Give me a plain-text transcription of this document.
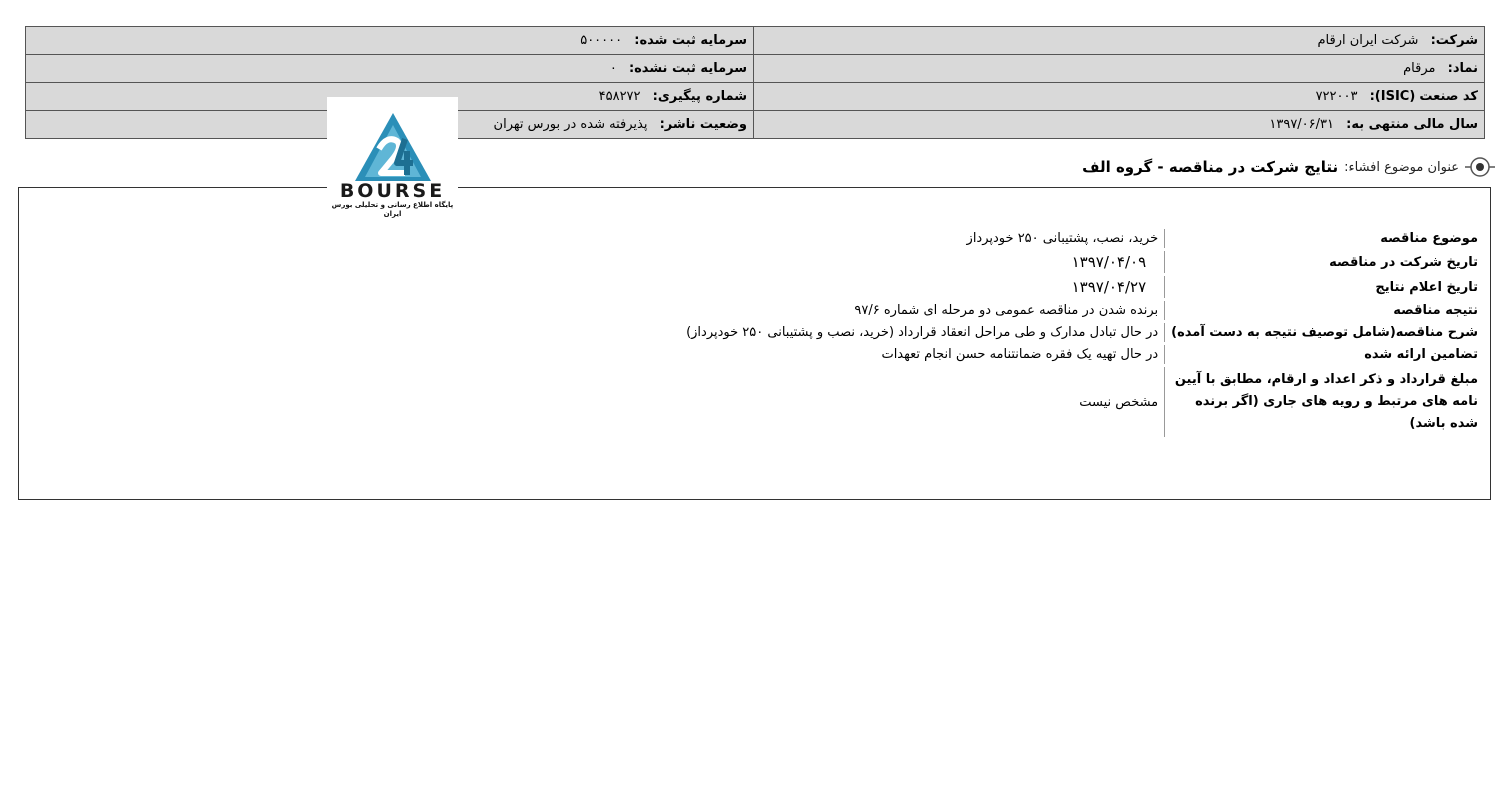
شرکت: شرکت ایران ارقام	سرمایه ثبت شده: ۵۰۰۰۰۰
نماد: مرقام	سرمایه ثبت نشده: ۰
کد صنعت (ISIC): ۷۲۲۰۰۳	شماره پیگیری: ۴۵۸۲۷۲
سال مالی منتهی به: ۱۳۹۷/۰۶/۳۱	وضعیت ناشر: پذیرفته شده در بورس تهران
BOURSE
پایگاه اطلاع رسانی و تحلیلی بورس ایران
عنوان موضوع افشاء:
نتایج شرکت در مناقصه - گروه الف
موضوع مناقصه	خرید، نصب، پشتیبانی ۲۵۰ خودپرداز
تاریخ شرکت در مناقصه	۱۳۹۷/۰۴/۰۹
تاریخ اعلام نتایج	۱۳۹۷/۰۴/۲۷
نتیجه مناقصه	برنده شدن در مناقصه عمومی دو مرحله ای شماره ۹۷/۶
شرح مناقصه(شامل توصیف نتیجه به دست آمده)	در حال تبادل مدارک و طی مراحل انعقاد قرارداد (خرید، نصب و پشتیبانی ۲۵۰ خودپرداز)
تضامین ارائه شده	در حال تهیه یک فقره ضمانتنامه حسن انجام تعهدات
مبلغ قرارداد و ذکر اعداد و ارقام، مطابق با آیین نامه های مرتبط و رویه های جاری (اگر برنده شده باشد)	مشخص نیست
